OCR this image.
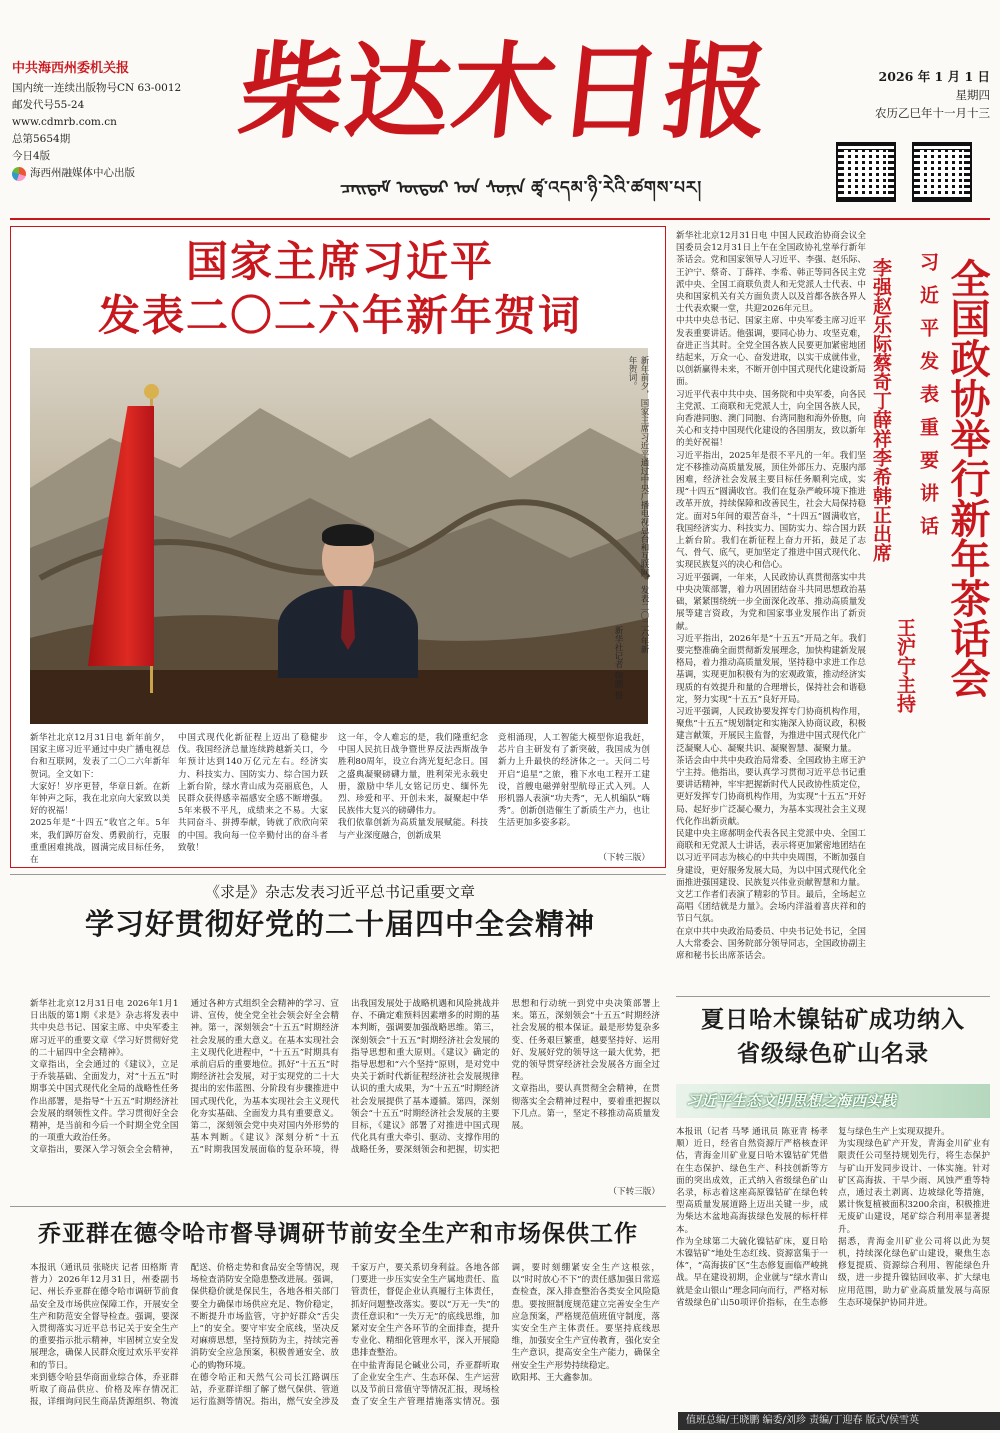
中共海西州委机关报
国内统一连续出版物号CN 63-0012
邮发代号55-24
www.cdmrb.com.cn
总第5654期
今日4版
海西州融媒体中心出版
柴达木日报
ᠴᠠᠢᠳᠠᠮ ᠦᠳᠦᠷ ᠤᠨ ᠰᠣᠨᠢᠨ ཚྭ་འདམ་ཉི་རེའི་ཚགས་པར།
2026 年 1 月 1 日
星期四
农历乙巳年十一月十三
国家主席习近平
发表二〇二六年新年贺词
新年前夕，国家主席习近平通过中央广播电视总台和互联网，发表二〇二六年新年贺词。
新华社记者 鞠鹏 摄
新华社北京12月31日电 新年前夕，国家主席习近平通过中央广播电视总台和互联网，发表了二〇二六年新年贺词。全文如下：
大家好！岁序更替，华章日新。在新年钟声之际，我在北京向大家致以美好的祝福！
2025年是“十四五”收官之年。5年来，我们踔厉奋发、勇毅前行，克服重重困难挑战，圆满完成目标任务，在
中国式现代化新征程上迈出了稳健步伐。我国经济总量连续跨越新关口，今年预计达到140万亿元左右。经济实力、科技实力、国防实力、综合国力跃上新台阶，绿水青山成为亮丽底色，人民群众获得感幸福感安全感不断增强。5年来极不平凡，成绩来之不易。大家共同奋斗、拼搏奉献，铸就了欣欣向荣的中国。我向每一位辛勤付出的奋斗者致敬！
这一年，令人难忘的是，我们隆重纪念中国人民抗日战争暨世界反法西斯战争胜利80周年，设立台湾光复纪念日。国之盛典凝聚磅礴力量，胜利荣光永载史册，激励中华儿女铭记历史、缅怀先烈、珍爱和平、开创未来，凝聚起中华民族伟大复兴的磅礴伟力。
我们依靠创新为高质量发展赋能。科技与产业深度融合，创新成果
竞相涌现，人工智能大模型你追我赶，芯片自主研发有了新突破，我国成为创新力上升最快的经济体之一。天问二号开启“追星”之旅，雅下水电工程开工建设，首艘电磁弹射型航母正式入列。人形机器人表演“功夫秀”，无人机编队“嗨秀”。创新创造催生了新质生产力，也让生活更加多姿多彩。
（下转三版）
新华社北京12月31日电 中国人民政治协商会议全国委员会12月31日上午在全国政协礼堂举行新年茶话会。党和国家领导人习近平、李强、赵乐际、王沪宁、蔡奇、丁薛祥、李希、韩正等同各民主党派中央、全国工商联负责人和无党派人士代表、中央和国家机关有关方面负责人以及首都各族各界人士代表欢聚一堂，共迎2026年元旦。
中共中央总书记、国家主席、中央军委主席习近平发表重要讲话。他强调，要同心协力、攻坚克难，奋进正当其时。全党全国各族人民要更加紧密地团结起来，万众一心、奋发进取，以实干成就伟业，以创新赢得未来，不断开创中国式现代化建设新局面。
习近平代表中共中央、国务院和中央军委，向各民主党派、工商联和无党派人士，向全国各族人民，向香港同胞、澳门同胞、台湾同胞和海外侨胞，向关心和支持中国现代化建设的各国朋友，致以新年的美好祝福！
习近平指出，2025年是很不平凡的一年。我们坚定不移推动高质量发展，顶住外部压力、克服内部困难，经济社会发展主要目标任务顺利完成，实现“十四五”圆满收官。我们在复杂严峻环境下推进改革开放，持续保障和改善民生，社会大局保持稳定。面对5年间的艰苦奋斗，“十四五”圆满收官，我国经济实力、科技实力、国防实力、综合国力跃上新台阶。我们在新征程上奋力开拓，鼓足了志气、骨气、底气，更加坚定了推进中国式现代化、实现民族复兴的决心和信心。
习近平强调，一年来，人民政协认真贯彻落实中共中央决策部署，着力巩固团结奋斗共同思想政治基础，紧紧围绕统一步全面深化改革、推动高质量发展等建言资政，为党和国家事业发展作出了新贡献。
习近平指出，2026年是“十五五”开局之年。我们要完整准确全面贯彻新发展理念，加快构建新发展格局，着力推动高质量发展，坚持稳中求进工作总基调，实现更加积极有为的宏观政策，推动经济实现质的有效提升和量的合理增长，保持社会和谐稳定，努力实现“十五五”良好开局。
习近平强调，人民政协要发挥专门协商机构作用，聚焦“十五五”规划制定和实施深入协商议政，积极建言献策，开展民主监督，为推进中国式现代化广泛凝聚人心、凝聚共识、凝聚智慧、凝聚力量。
茶话会由中共中央政治局常委、全国政协主席王沪宁主持。他指出，要认真学习贯彻习近平总书记重要讲话精神，牢牢把握新时代人民政协性质定位，更好发挥专门协商机构作用，为实现“十五五”开好局、起好步广泛凝心聚力，为基本实现社会主义现代化作出新贡献。
民建中央主席郝明金代表各民主党派中央、全国工商联和无党派人士讲话，表示将更加紧密地团结在以习近平同志为核心的中共中央周围，不断加强自身建设，更好服务发展大局，为以中国式现代化全面推进强国建设、民族复兴伟业贡献智慧和力量。
文艺工作者们表演了精彩的节目。最后，全场起立高唱《团结就是力量》。会场内洋溢着喜庆祥和的节日气氛。
在京中共中央政治局委员、中央书记处书记，全国人大常委会、国务院部分领导同志，全国政协副主席和秘书长出席茶话会。
全国政协举行新年茶话会
习近平发表重要讲话
李强赵乐际蔡奇丁薛祥李希韩正出席
王沪宁主持
《求是》杂志发表习近平总书记重要文章
学习好贯彻好党的二十届四中全会精神
新华社北京12月31日电 2026年1月1日出版的第1期《求是》杂志将发表中共中央总书记、国家主席、中央军委主席习近平的重要文章《学习好贯彻好党的二十届四中全会精神》。
文章指出，全会通过的《建议》，立足于乔装基础、全面发力，对“十五五”时期事关中国式现代化全局的战略性任务作出部署，是指导“十五五”时期经济社会发展的纲领性文件。学习贯彻好全会精神，是当前和今后一个时期全党全国的一项重大政治任务。
文章指出，要深入学习领会全会精神，通过各种方式组织全会精神的学习、宣讲、宣传，使全党全社会领会好全会精神。第一，深刻领会“十五五”时期经济社会发展的重大意义。在基本实现社会主义现代化进程中，“十五五”时期具有承前启后的重要地位。抓好“十五五”时期经济社会发展，对于实现党的二十大提出的宏伟蓝图、分阶段有步骤推进中国式现代化，为基本实现社会主义现代化夯实基础、全面发力具有重要意义。第二，深刻领会党中央对国内外形势的基本判断。《建议》深刻分析“十五五”时期我国发展面临的复杂环境，得出我国发展处于战略机遇和风险挑战并存、不确定难预料因素增多的时期的基本判断，强调要加强战略思维。第三，深刻领会“十五五”时期经济社会发展的指导思想和重大原则。《建议》确定的指导思想和“六个坚持”原则，是对党中央关于新时代新征程经济社会发展规律认识的重大成果，为“十五五”时期经济社会发展提供了基本遵循。第四，深刻领会“十五五”时期经济社会发展的主要目标，《建议》部署了对推进中国式现代化具有重大牵引、驱动、支撑作用的战略任务，要深刻领会和把握，切实把思想和行动统一到党中央决策部署上来。第五，深刻领会“十五五”时期经济社会发展的根本保证。最是形势复杂多变、任务艰巨繁重，越要坚持好、运用好、发展好党的领导这一最大优势，把党的领导贯穿经济社会发展各方面全过程。
文章指出，要认真贯彻全会精神，在贯彻落实全会精神过程中，要着重把握以下几点。第一，坚定不移推动高质量发展。
（下转三版）
乔亚群在德令哈市督导调研节前安全生产和市场保供工作
本报讯（通讯员 张晓庆 记者 田格斯 青普力）2026年12月31日，州委副书记、州长乔亚群在德令哈市调研节前食品安全及市场供应保障工作，开展安全生产和防范安全督导检查。强调，要深入贯彻落实习近平总书记关于安全生产的重要指示批示精神，牢固树立安全发展理念，确保人民群众度过欢乐平安祥和的节日。
来到德令哈县华商面业综合体，乔亚群听取了商品供应、价格及库存情况汇报，详细询问民生商品货源组织、物流配送、价格走势和食品安全等情况，现场检查消防安全隐患整改进展。强调，保供稳价就是保民生，各地各相关部门要全力确保市场供应充足、物价稳定，不断提升市场监管，守护好群众“舌尖上”的安全。要守牢安全底线，坚决反对麻痹思想，坚持预防为主，持续完善消防安全应急预案，积极普通安全、放心的购物环境。
在德令哈正和天然气公司长江路调压站，乔亚群详细了解了燃气保供、管道运行监测等情况。指出，燃气安全涉及千家万户，要关系切身利益。各地各部门要进一步压实安全生产属地责任、监管责任，督促企业认真履行主体责任，抓好问题整改落实。要以“万无一失”的责任意识和“一失万无”的底线思维，加紧对安全生产各环节的全面排查，提升专业化、精细化管理水平，深入开展隐患排查整治。
在中盐青海昆仑碱业公司，乔亚群听取了企业安全生产、生态环保、生产运营以及节前日常值守等情况汇报，现场检查了安全生产管理措施落实情况。强调，要时刻绷紧安全生产这根弦，以“时时放心不下”的责任感加强日常巡查检查，深入排查整治各类安全风险隐患。要按照制度规范建立完善安全生产应急预案，严格规范值班值守制度，落实安全生产主体责任。要坚持底线思维，加强安全生产宣传教育，强化安全生产意识，提高安全生产能力，确保全州安全生产形势持续稳定。
欧阳邦、王大鑫参加。
夏日哈木镍钴矿成功纳入
省级绿色矿山名录
习近平生态文明思想之海西实践
本报讯（记者 马琴 通讯员 陈亚青 杨孝顺）近日，经省自然资源厅严格核查评估，青海金川矿业夏日哈木镍钴矿凭借在生态保护、绿色生产、科技创新等方面的突出成效，正式纳入省级绿色矿山名录，标志着这座高原镍钴矿在绿色转型高质量发展道路上迈出关键一步，成为柴达木盆地高海拔绿色发展的标杆样本。
作为全球第二大硫化镍钴矿床，夏日哈木镍钴矿“地处生态红线、资源富集于一体”，“高海拔矿区”生态修复面临严峻挑战。早在建设初期，企业就与“绿水青山就是金山银山”理念同向而行，严格对标省级绿色矿山50项评价指标，在生态修复与绿色生产上实现双提升。
为实现绿色矿产开发，青海金川矿业有限责任公司坚持规划先行，将生态保护与矿山开发同步设计、一体实施。针对矿区高海拔、干旱少雨、风蚀严重等特点，通过表土剥离、边坡绿化等措施，累计恢复植被面积3200余亩，积极推进无废矿山建设，尾矿综合利用率显著提升。
据悉，青海金川矿业公司将以此为契机，持续深化绿色矿山建设，聚焦生态修复提质、资源综合利用、智能绿色升级，进一步提升镍钴回收率、扩大绿电应用范围，助力矿业高质量发展与高原生态环境保护协同并进。
值班总编/王晓鹏 编委/刘珍 责编/丁迎春 版式/侯雪英
